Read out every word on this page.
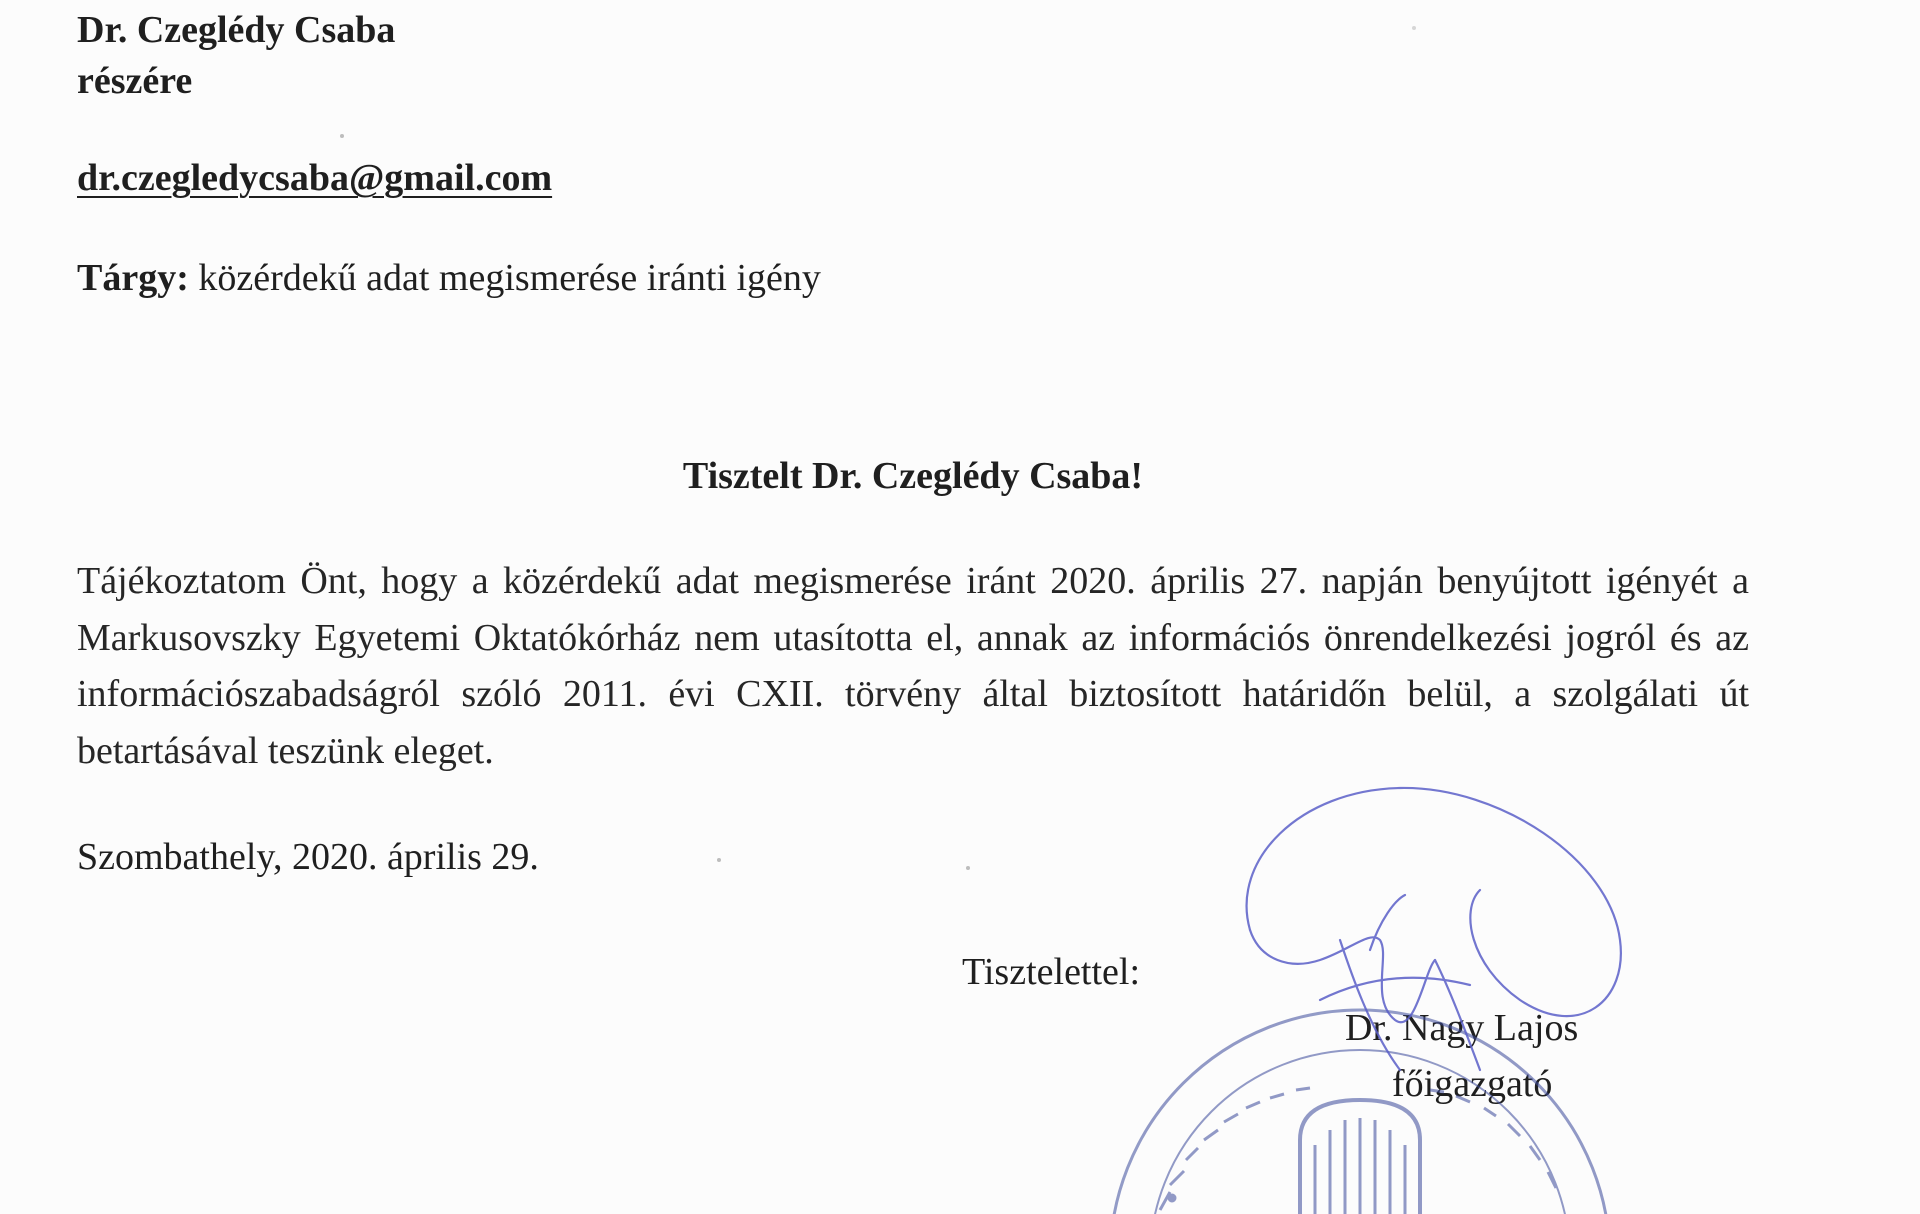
Dr. Czeglédy Csaba
részére
dr.czegledycsaba@gmail.com
Tárgy: közérdekű adat megismerése iránti igény
Tisztelt Dr. Czeglédy Csaba!

Tájékoztatom Önt, hogy a közérdekű adat megismerése iránt 2020. április 27. napján benyújtott igényét a Markusovszky Egyetemi Oktatókórház nem utasította el, annak az információs önrendelkezési jogról és az információszabadságról szóló 2011. évi CXII. törvény által biztosított határidőn belül, a szolgálati út betartásával teszünk eleget.

Szombathely, 2020. április 29.
Tisztelettel:
Dr. Nagy Lajos
főigazgató
